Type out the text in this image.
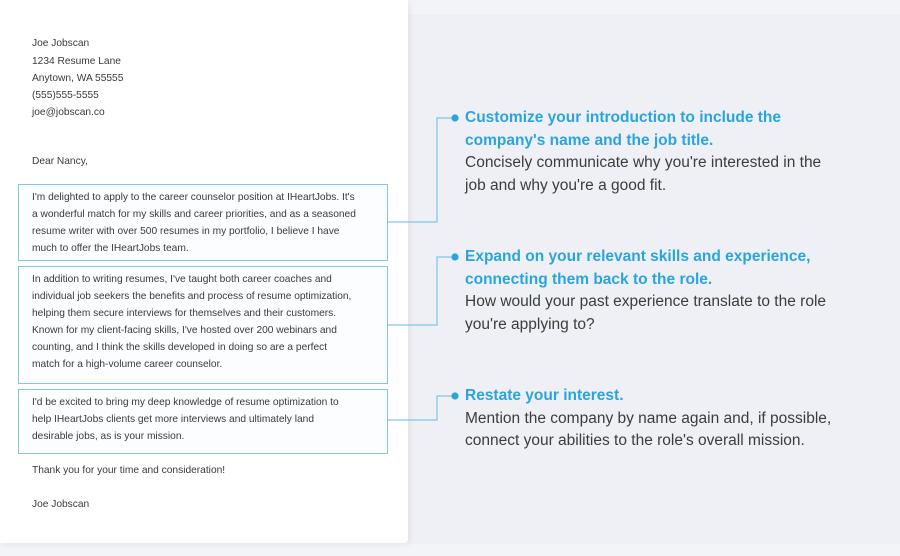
Joe Jobscan
1234 Resume Lane
Anytown, WA 55555
(555)555-5555
joe@jobscan.co
Dear Nancy,
I'm delighted to apply to the career counselor position at IHeartJobs. It's
a wonderful match for my skills and career priorities, and as a seasoned
resume writer with over 500 resumes in my portfolio, I believe I have
much to offer the IHeartJobs team.
In addition to writing resumes, I've taught both career coaches and
individual job seekers the benefits and process of resume optimization,
helping them secure interviews for themselves and their customers.
Known for my client-facing skills, I've hosted over 200 webinars and
counting, and I think the skills developed in doing so are a perfect
match for a high-volume career counselor.
I'd be excited to bring my deep knowledge of resume optimization to
help IHeartJobs clients get more interviews and ultimately land
desirable jobs, as is your mission.
Thank you for your time and consideration!
Joe Jobscan
Customize your introduction to include the
company's name and the job title.
Concisely communicate why you're interested in the
job and why you're a good fit.
Expand on your relevant skills and experience,
connecting them back to the role.
How would your past experience translate to the role
you're applying to?
Restate your interest.
Mention the company by name again and, if possible,
connect your abilities to the role's overall mission.
